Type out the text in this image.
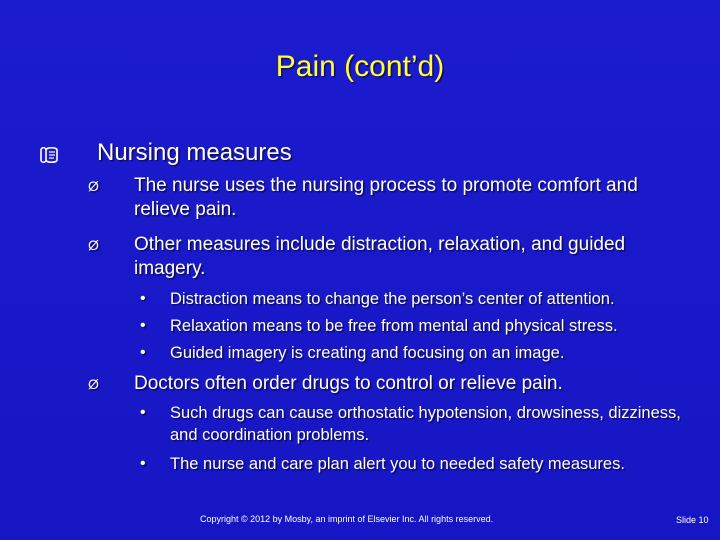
Pain (cont’d)
Nursing measures
Ø The nurse uses the nursing process to promote comfort and relieve pain.
Ø Other measures include distraction, relaxation, and guided imagery.
• Distraction means to change the person’s center of attention.
• Relaxation means to be free from mental and physical stress.
• Guided imagery is creating and focusing on an image.
Ø Doctors often order drugs to control or relieve pain.
• Such drugs can cause orthostatic hypotension, drowsiness, dizziness, and coordination problems.
• The nurse and care plan alert you to needed safety measures.
Copyright © 2012 by Mosby, an imprint of Elsevier Inc. All rights reserved.	Slide 10
